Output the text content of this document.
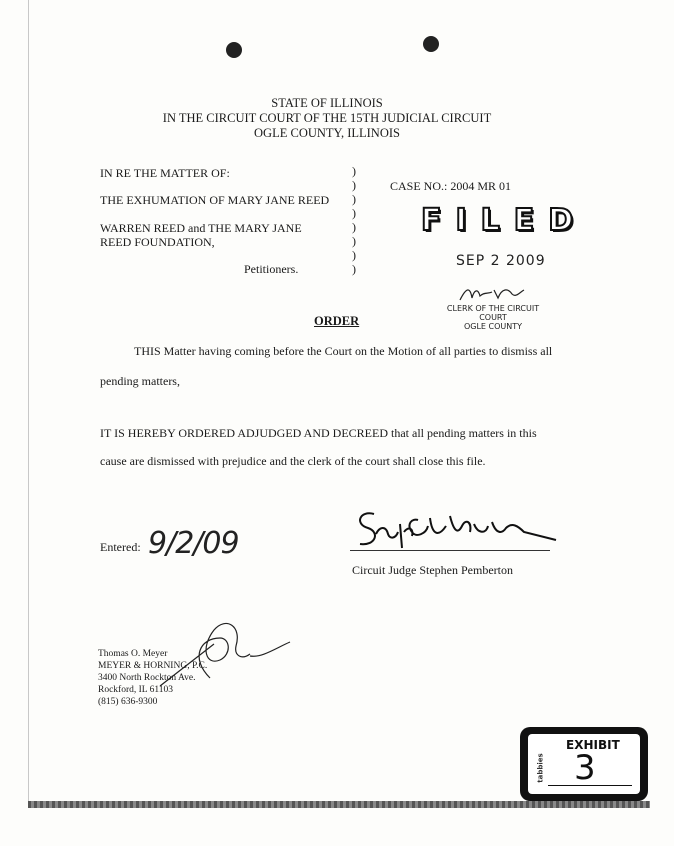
STATE OF ILLINOIS
IN THE CIRCUIT COURT OF THE 15TH JUDICIAL CIRCUIT
OGLE COUNTY, ILLINOIS
IN RE THE MATTER OF:
THE EXHUMATION OF MARY JANE REED
WARREN REED and THE MARY JANE
REED FOUNDATION,
Petitioners.
)
)
)
)
)
)
)
)
CASE NO.: 2004 MR 01
FILED
SEP 2 2009
CLERK OF THE CIRCUIT COURT
OGLE COUNTY
ORDER
THIS Matter having coming before the Court on the Motion of all parties to dismiss all
pending matters,
IT IS HEREBY ORDERED ADJUDGED AND DECREED that all pending matters in this
cause are dismissed with prejudice and the clerk of the court shall close this file.
Entered: 9/2/09
Circuit Judge Stephen Pemberton
Thomas O. Meyer
MEYER & HORNING, P.C.
3400 North Rockton Ave.
Rockford, IL 61103
(815) 636-9300
tabbies
EXHIBIT
3
